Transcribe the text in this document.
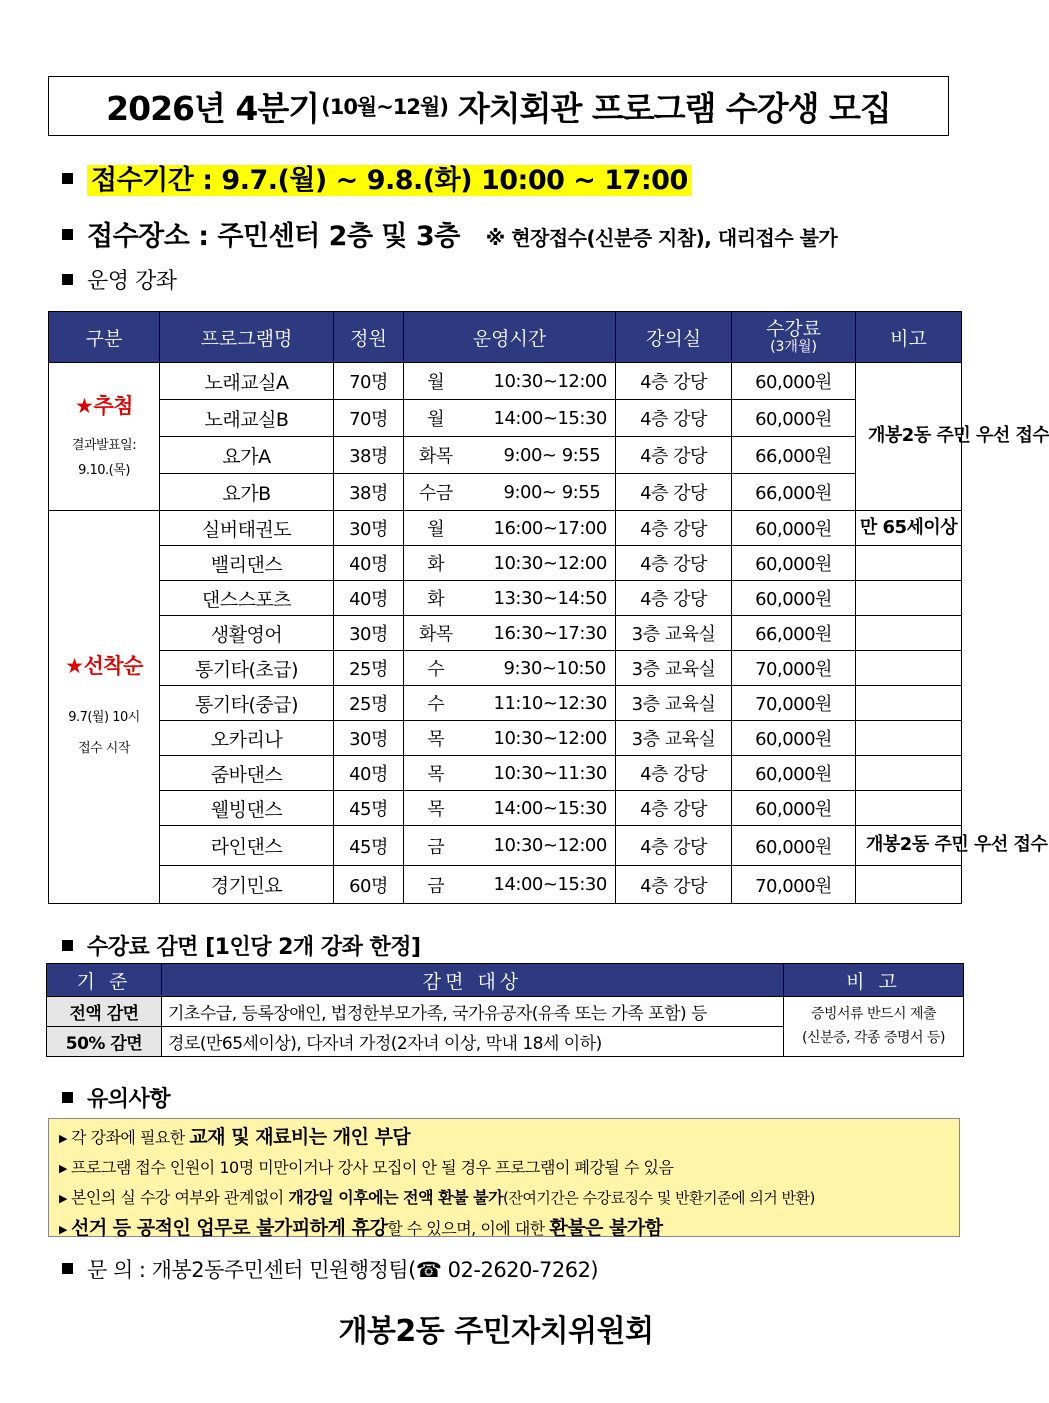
2026년 4분기 (10월~12월) 자치회관 프로그램 수강생 모집
접수기간 : 9.7.(월) ~ 9.8.(화) 10:00 ~ 17:00
접수장소 : 주민센터 2층 및 3층 ※ 현장접수(신분증 지참), 대리접수 불가
운영 강좌
구분	프로그램명	정원	운영시간		강의실	수강료
(3개월)	비고

★추첨
결과발표일:
9.10.(목)	노래교실A	70명	월	10:30~12:00	4층 강당	60,000원	개봉2동 주민 우선 접수
	노래교실B	70명	월	14:00~15:30	4층 강당	60,000원	
	요가A	38명	화목	9:00~ 9:55	4층 강당	66,000원	
	요가B	38명	수금	9:00~ 9:55	4층 강당	66,000원	

★선착순
9.7(월) 10시
접수 시작	실버태권도	30명	월	16:00~17:00	4층 강당	60,000원	만 65세이상
	밸리댄스	40명	화	10:30~12:00	4층 강당	60,000원	
	댄스스포츠	40명	화	13:30~14:50	4층 강당	60,000원	
	생활영어	30명	화목	16:30~17:30	3층 교육실	66,000원	
	통기타(초급)	25명	수	9:30~10:50	3층 교육실	70,000원	
	통기타(중급)	25명	수	11:10~12:30	3층 교육실	70,000원	
	오카리나	30명	목	10:30~12:00	3층 교육실	60,000원	
	줌바댄스	40명	목	10:30~11:30	4층 강당	60,000원	
	웰빙댄스	45명	목	14:00~15:30	4층 강당	60,000원	
	라인댄스	45명	금	10:30~12:00	4층 강당	60,000원	개봉2동 주민 우선 접수
	경기민요	60명	금	14:00~15:30	4층 강당	70,000원	
수강료 감면 [1인당 2개 강좌 한정]
기 준	감면 대상	비 고
전액 감면	기초수급, 등록장애인, 법정한부모가족, 국가유공자(유족 또는 가족 포함) 등	증빙서류 반드시 제출
(신분증, 각종 증명서 등)

50% 감면	경로(만65세이상), 다자녀 가정(2자녀 이상, 막내 18세 이하)	
유의사항
▶ 각 강좌에 필요한 교재 및 재료비는 개인 부담
▶ 프로그램 접수 인원이 10명 미만이거나 강사 모집이 안 될 경우 프로그램이 폐강될 수 있음
▶ 본인의 실 수강 여부와 관계없이 개강일 이후에는 전액 환불 불가(잔여기간은 수강료징수 및 반환기준에 의거 반환)
▶ 선거 등 공적인 업무로 불가피하게 휴강할 수 있으며, 이에 대한 환불은 불가함
문 의 : 개봉2동주민센터 민원행정팀(☎ 02-2620-7262)
개봉2동 주민자치위원회
